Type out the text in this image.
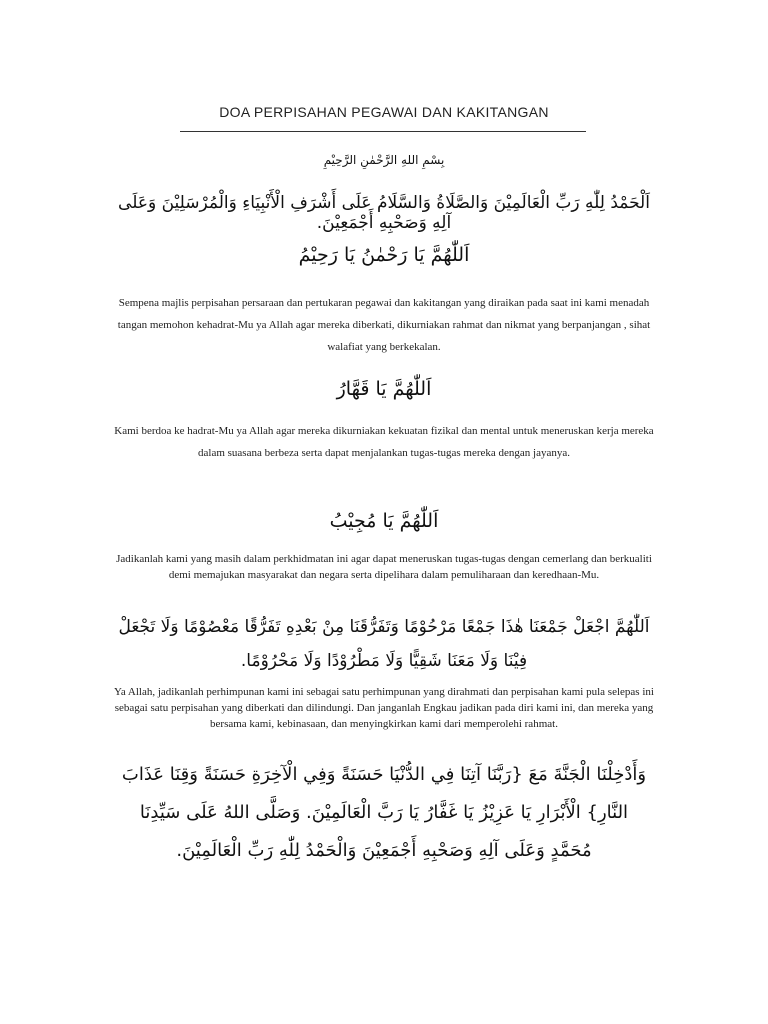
DOA PERPISAHAN PEGAWAI DAN KAKITANGAN
بِسْمِ اللهِ الرَّحْمٰنِ الرَّحِيْمِ
اَلْحَمْدُ لِلّٰهِ رَبِّ الْعَالَمِيْنَ وَالصَّلَاةُ وَالسَّلَامُ عَلَى أَشْرَفِ الْأَنْبِيَاءِ وَالْمُرْسَلِيْنَ وَعَلَى آلِهِ وَصَحْبِهِ أَجْمَعِيْنَ.
اَللّٰهُمَّ يَا رَحْمٰنُ يَا رَحِيْمُ
Sempena majlis perpisahan persaraan dan pertukaran pegawai dan kakitangan yang diraikan pada saat ini kami menadah tangan memohon kehadrat-Mu ya Allah agar mereka diberkati, dikurniakan rahmat dan nikmat yang berpanjangan , sihat walafiat yang berkekalan.
اَللّٰهُمَّ يَا قَهَّارُ
Kami berdoa ke hadrat-Mu ya Allah agar mereka dikurniakan kekuatan fizikal dan mental untuk meneruskan kerja mereka dalam suasana berbeza serta dapat menjalankan tugas-tugas mereka dengan jayanya.
اَللّٰهُمَّ يَا مُجِيْبُ
Jadikanlah kami yang masih dalam perkhidmatan ini agar dapat meneruskan tugas-tugas dengan cemerlang dan berkualiti demi memajukan masyarakat dan negara serta dipelihara dalam pemuliharaan dan keredhaan-Mu.
اَللّٰهُمَّ اجْعَلْ جَمْعَنَا هٰذَا جَمْعًا مَرْحُوْمًا وَتَفَرُّقَنَا مِنْ بَعْدِهِ تَفَرُّقًا مَعْصُوْمًا وَلَا تَجْعَلْ فِيْنَا وَلَا مَعَنَا شَقِيًّا وَلَا مَطْرُوْدًا وَلَا مَحْرُوْمًا.
Ya Allah, jadikanlah perhimpunan kami ini sebagai satu perhimpunan yang dirahmati dan perpisahan kami pula selepas ini sebagai satu perpisahan yang diberkati dan dilindungi. Dan janganlah Engkau jadikan pada diri kami ini, dan mereka yang bersama kami, kebinasaan, dan menyingkirkan kami dari memperolehi rahmat.
وَأَدْخِلْنَا الْجَنَّةَ مَعَ {رَبَّنَا آتِنَا فِي الدُّنْيَا حَسَنَةً وَفِي الْآخِرَةِ حَسَنَةً وَقِنَا عَذَابَ النَّارِ} الْأَبْرَارِ يَا عَزِيْزُ يَا غَفَّارُ يَا رَبَّ الْعَالَمِيْنَ. وَصَلَّى اللهُ عَلَى سَيِّدِنَا مُحَمَّدٍ وَعَلَى آلِهِ وَصَحْبِهِ أَجْمَعِيْنَ وَالْحَمْدُ لِلّٰهِ رَبِّ الْعَالَمِيْنَ.
